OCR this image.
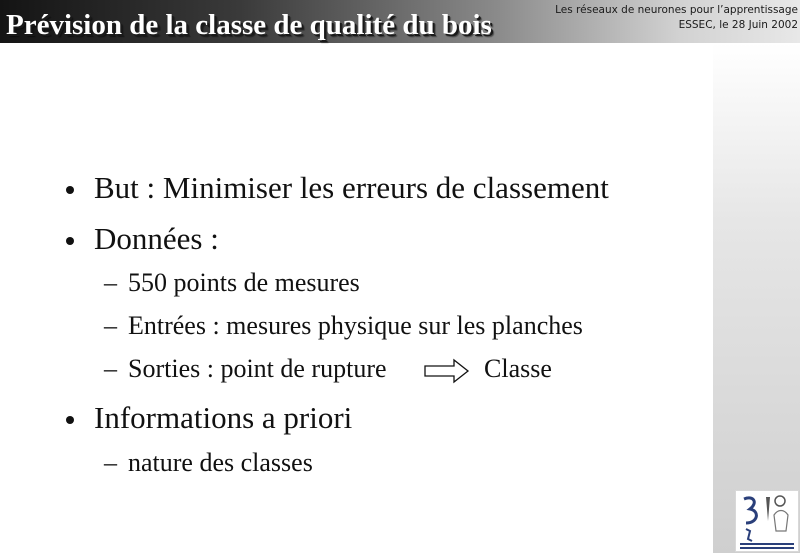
Prévision de la classe de qualité du bois	Les réseaux de neurones pour l’apprentissage
ESSEC, le 28 Juin 2002
But : Minimiser les erreurs de classement
Données :
– 550 points de mesures
– Entrées : mesures physique sur les planches
– Sorties : point de rupture	Classe
Informations a priori
– nature des classes
